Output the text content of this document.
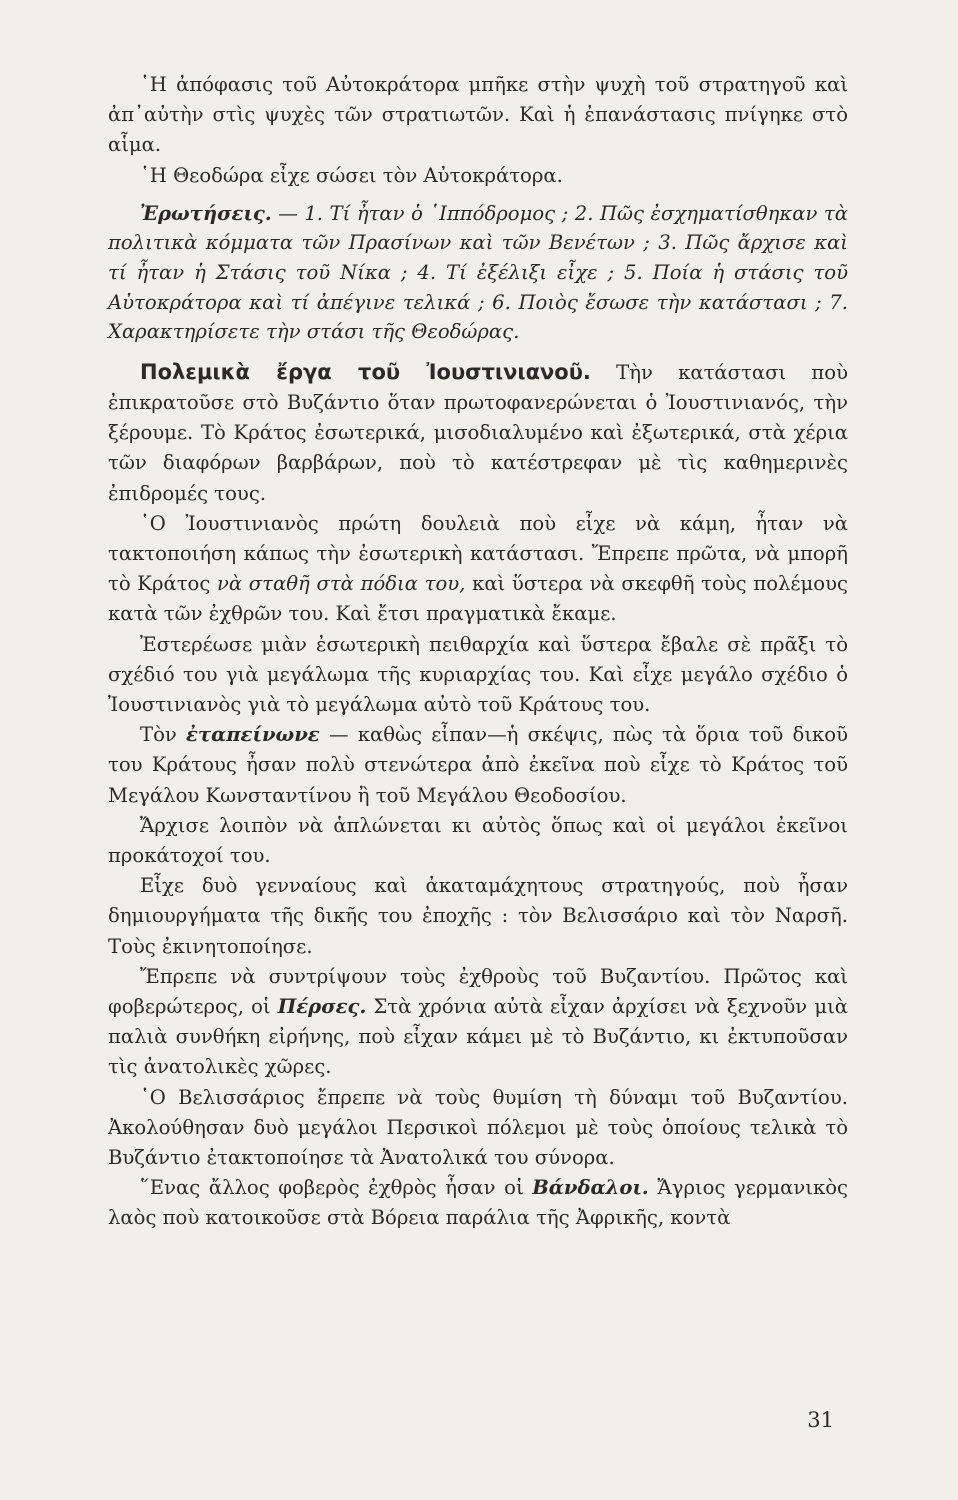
῾Η ἀπόφασις τοῦ Αὐτοκράτορα μπῆκε στὴν ψυχὴ τοῦ στρατηγοῦ καὶ ἀπ᾿αὐτὴν στὶς ψυχὲς τῶν στρατιωτῶν. Καὶ ἡ ἐπανάστασις πνίγηκε στὸ αἷμα.

῾Η Θεοδώρα εἶχε σώσει τὸν Αὐτοκράτορα.

Ἐρωτήσεις. — 1. Τί ἦταν ὁ ῾Ιππόδρομος ; 2. Πῶς ἐσχηματίσθηκαν τὰ πολιτικὰ κόμματα τῶν Πρασίνων καὶ τῶν Βενέτων ; 3. Πῶς ἄρχισε καὶ τί ἦταν ἡ Στάσις τοῦ Νίκα ; 4. Τί ἐξέλιξι εἶχε ; 5. Ποία ἡ στάσις τοῦ Αὐτοκράτορα καὶ τί ἀπέγινε τελικά ; 6. Ποιὸς ἔσωσε τὴν κατάστασι ; 7. Χαρακτηρίσετε τὴν στάσι τῆς Θεοδώρας.

Πολεμικὰ ἔργα τοῦ Ἰουστινιανοῦ. Τὴν κατάστασι ποὺ ἐπικρατοῦσε στὸ Βυζάντιο ὅταν πρωτοφανερώνεται ὁ Ἰουστινιανός, τὴν ξέρουμε. Τὸ Κράτος ἐσωτερικά, μισοδιαλυμένο καὶ ἐξωτερικά, στὰ χέρια τῶν διαφόρων βαρβάρων, ποὺ τὸ κατέστρεφαν μὲ τὶς καθημερινὲς ἐπιδρομές τους.

῾Ο Ἰουστινιανὸς πρώτη δουλειὰ ποὺ εἶχε νὰ κάμη, ἦταν νὰ τακτοποιήση κάπως τὴν ἐσωτερικὴ κατάστασι. Ἔπρεπε πρῶτα, νὰ μπορῆ τὸ Κράτος νὰ σταθῆ στὰ πόδια του, καὶ ὕστερα νὰ σκεφθῆ τοὺς πολέμους κατὰ τῶν ἐχθρῶν του. Καὶ ἔτσι πραγματικὰ ἔκαμε.

Ἐστερέωσε μιὰν ἐσωτερικὴ πειθαρχία καὶ ὕστερα ἔβαλε σὲ πρᾶξι τὸ σχέδιό του γιὰ μεγάλωμα τῆς κυριαρχίας του. Καὶ εἶχε μεγάλο σχέδιο ὁ Ἰουστινιανὸς γιὰ τὸ μεγάλωμα αὐτὸ τοῦ Κράτους του.

Τὸν ἐταπείνωνε — καθὼς εἶπαν—ἡ σκέψις, πὼς τὰ ὅρια τοῦ δικοῦ του Κράτους ἦσαν πολὺ στενώτερα ἀπὸ ἐκεῖνα ποὺ εἶχε τὸ Κράτος τοῦ Μεγάλου Κωνσταντίνου ἢ τοῦ Μεγάλου Θεοδοσίου.

Ἄρχισε λοιπὸν νὰ ἁπλώνεται κι αὐτὸς ὅπως καὶ οἱ μεγάλοι ἐκεῖνοι προκάτοχοί του.

Εἶχε δυὸ γενναίους καὶ ἀκαταμάχητους στρατηγούς, ποὺ ἦσαν δημιουργήματα τῆς δικῆς του ἐποχῆς : τὸν Βελισσάριο καὶ τὸν Ναρσῆ. Τοὺς ἐκινητοποίησε.

Ἔπρεπε νὰ συντρίψουν τοὺς ἐχθροὺς τοῦ Βυζαντίου. Πρῶτος καὶ φοβερώτερος, οἱ Πέρσες. Στὰ χρόνια αὐτὰ εἶχαν ἀρχίσει νὰ ξεχνοῦν μιὰ παλιὰ συνθήκη εἰρήνης, ποὺ εἶχαν κάμει μὲ τὸ Βυζάντιο, κι ἐκτυποῦσαν τὶς ἀνατολικὲς χῶρες.

῾Ο Βελισσάριος ἔπρεπε νὰ τοὺς θυμίση τὴ δύναμι τοῦ Βυζαντίου. Ἀκολούθησαν δυὸ μεγάλοι Περσικοὶ πόλεμοι μὲ τοὺς ὁποίους τελικὰ τὸ Βυζάντιο ἐτακτοποίησε τὰ Ἀνατολικά του σύνορα.

῞Ενας ἄλλος φοβερὸς ἐχθρὸς ἦσαν οἱ Βάνδαλοι. Ἄγριος γερμανικὸς λαὸς ποὺ κατοικοῦσε στὰ Βόρεια παράλια τῆς Ἀφρικῆς, κοντὰ

31
